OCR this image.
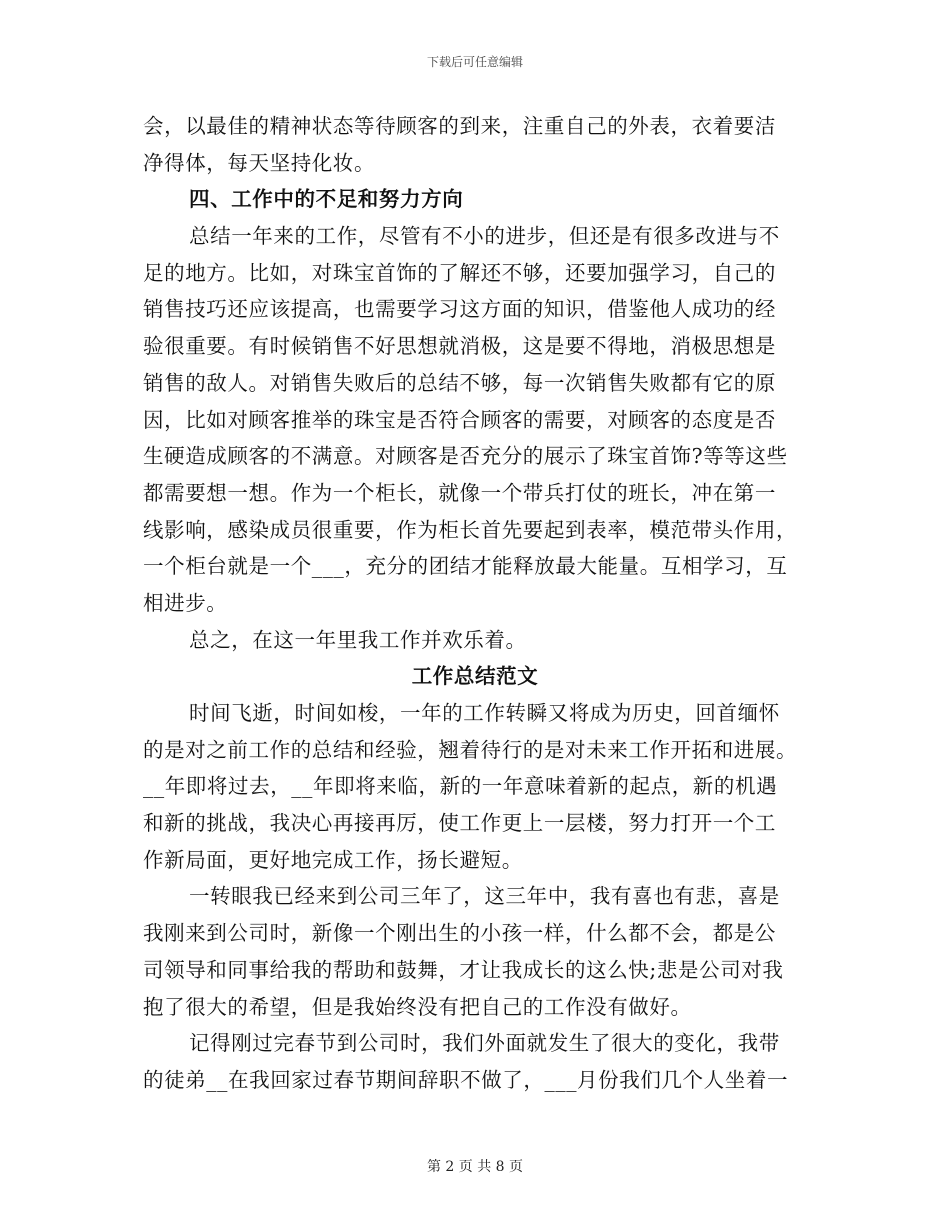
下载后可任意编辑
会，以最佳的精神状态等待顾客的到来，注重自己的外表，衣着要洁
净得体，每天坚持化妆。
四、工作中的不足和努力方向
总结一年来的工作，尽管有不小的进步，但还是有很多改进与不
足的地方。比如，对珠宝首饰的了解还不够，还要加强学习，自己的
销售技巧还应该提高，也需要学习这方面的知识，借鉴他人成功的经
验很重要。有时候销售不好思想就消极，这是要不得地，消极思想是
销售的敌人。对销售失败后的总结不够，每一次销售失败都有它的原
因，比如对顾客推举的珠宝是否符合顾客的需要，对顾客的态度是否
生硬造成顾客的不满意。对顾客是否充分的展示了珠宝首饰?等等这些
都需要想一想。作为一个柜长，就像一个带兵打仗的班长，冲在第一
线影响，感染成员很重要，作为柜长首先要起到表率，模范带头作用，
一个柜台就是一个___，充分的团结才能释放最大能量。互相学习，互
相进步。
总之，在这一年里我工作并欢乐着。
工作总结范文
时间飞逝，时间如梭，一年的工作转瞬又将成为历史，回首缅怀
的是对之前工作的总结和经验，翘着待行的是对未来工作开拓和进展。
__年即将过去，__年即将来临，新的一年意味着新的起点，新的机遇
和新的挑战，我决心再接再厉，使工作更上一层楼，努力打开一个工
作新局面，更好地完成工作，扬长避短。
一转眼我已经来到公司三年了，这三年中，我有喜也有悲，喜是
我刚来到公司时，新像一个刚出生的小孩一样，什么都不会，都是公
司领导和同事给我的帮助和鼓舞，才让我成长的这么快;悲是公司对我
抱了很大的希望，但是我始终没有把自己的工作没有做好。
记得刚过完春节到公司时，我们外面就发生了很大的变化，我带
的徒弟__在我回家过春节期间辞职不做了，___月份我们几个人坐着一
第 2 页 共 8 页
